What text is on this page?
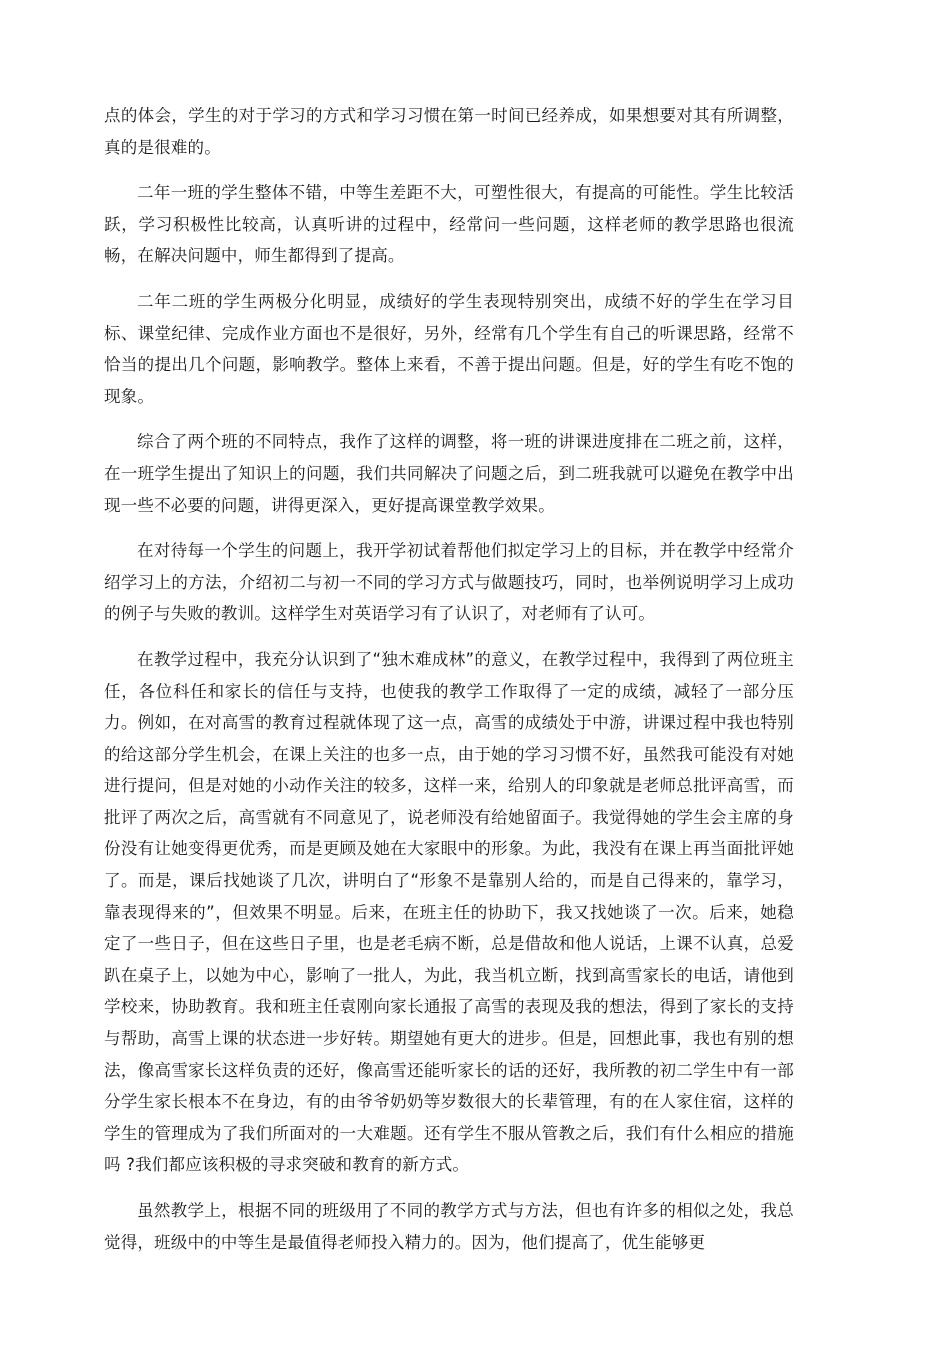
点的体会，学生的对于学习的方式和学习习惯在第一时间已经养成，如果想要对其有所调整，真的是很难的。

二年一班的学生整体不错，中等生差距不大，可塑性很大，有提高的可能性。学生比较活跃，学习积极性比较高，认真听讲的过程中，经常问一些问题，这样老师的教学思路也很流畅，在解决问题中，师生都得到了提高。

二年二班的学生两极分化明显，成绩好的学生表现特别突出，成绩不好的学生在学习目标、课堂纪律、完成作业方面也不是很好，另外，经常有几个学生有自己的听课思路，经常不恰当的提出几个问题，影响教学。整体上来看，不善于提出问题。但是，好的学生有吃不饱的现象。

综合了两个班的不同特点，我作了这样的调整，将一班的讲课进度排在二班之前，这样，在一班学生提出了知识上的问题，我们共同解决了问题之后，到二班我就可以避免在教学中出现一些不必要的问题，讲得更深入，更好提高课堂教学效果。

在对待每一个学生的问题上，我开学初试着帮他们拟定学习上的目标，并在教学中经常介绍学习上的方法，介绍初二与初一不同的学习方式与做题技巧，同时，也举例说明学习上成功的例子与失败的教训。这样学生对英语学习有了认识了，对老师有了认可。

在教学过程中，我充分认识到了“独木难成林”的意义，在教学过程中，我得到了两位班主任，各位科任和家长的信任与支持，也使我的教学工作取得了一定的成绩，减轻了一部分压力。例如，在对高雪的教育过程就体现了这一点，高雪的成绩处于中游，讲课过程中我也特别的给这部分学生机会，在课上关注的也多一点，由于她的学习习惯不好，虽然我可能没有对她进行提问，但是对她的小动作关注的较多，这样一来，给别人的印象就是老师总批评高雪，而批评了两次之后，高雪就有不同意见了，说老师没有给她留面子。我觉得她的学生会主席的身份没有让她变得更优秀，而是更顾及她在大家眼中的形象。为此，我没有在课上再当面批评她了。而是，课后找她谈了几次，讲明白了“形象不是靠别人给的，而是自己得来的，靠学习，靠表现得来的”，但效果不明显。后来，在班主任的协助下，我又找她谈了一次。后来，她稳定了一些日子，但在这些日子里，也是老毛病不断，总是借故和他人说话，上课不认真，总爱趴在桌子上，以她为中心，影响了一批人，为此，我当机立断，找到高雪家长的电话，请他到学校来，协助教育。我和班主任袁刚向家长通报了高雪的表现及我的想法，得到了家长的支持与帮助，高雪上课的状态进一步好转。期望她有更大的进步。但是，回想此事，我也有别的想法，像高雪家长这样负责的还好，像高雪还能听家长的话的还好，我所教的初二学生中有一部分学生家长根本不在身边，有的由爷爷奶奶等岁数很大的长辈管理，有的在人家住宿，这样的学生的管理成为了我们所面对的一大难题。还有学生不服从管教之后，我们有什么相应的措施吗 ?我们都应该积极的寻求突破和教育的新方式。

虽然教学上，根据不同的班级用了不同的教学方式与方法，但也有许多的相似之处，我总觉得，班级中的中等生是最值得老师投入精力的。因为，他们提高了，优生能够更
